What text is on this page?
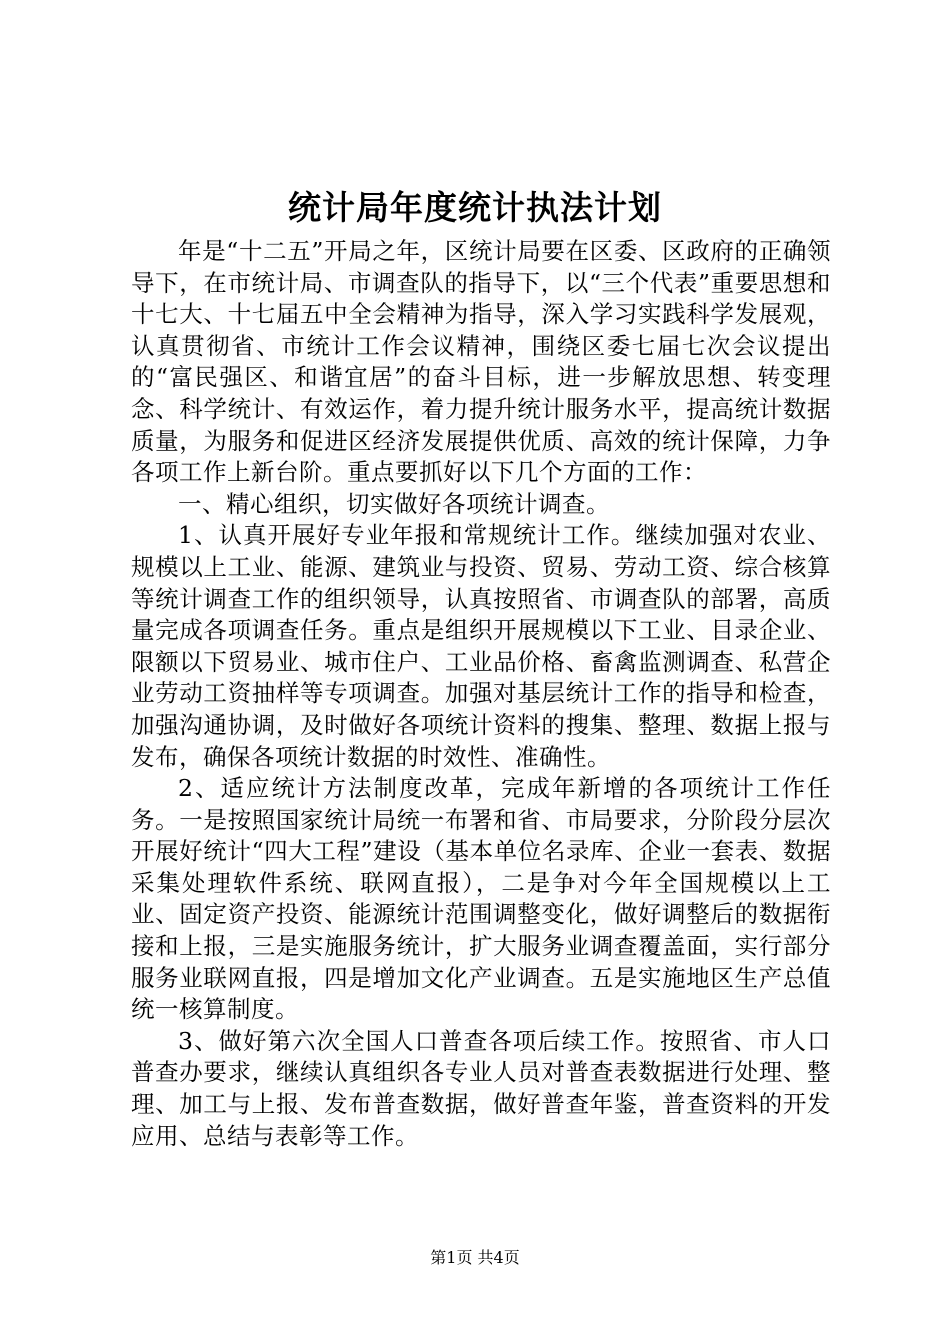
统计局年度统计执法计划

年是“十二五”开局之年，区统计局要在区委、区政府的正确领导下，在市统计局、市调查队的指导下，以“三个代表”重要思想和十七大、十七届五中全会精神为指导，深入学习实践科学发展观，认真贯彻省、市统计工作会议精神，围绕区委七届七次会议提出的“富民强区、和谐宜居”的奋斗目标，进一步解放思想、转变理念、科学统计、有效运作，着力提升统计服务水平，提高统计数据质量，为服务和促进区经济发展提供优质、高效的统计保障，力争各项工作上新台阶。重点要抓好以下几个方面的工作：

一、精心组织，切实做好各项统计调查。

1、认真开展好专业年报和常规统计工作。继续加强对农业、规模以上工业、能源、建筑业与投资、贸易、劳动工资、综合核算等统计调查工作的组织领导，认真按照省、市调查队的部署，高质量完成各项调查任务。重点是组织开展规模以下工业、目录企业、限额以下贸易业、城市住户、工业品价格、畜禽监测调查、私营企业劳动工资抽样等专项调查。加强对基层统计工作的指导和检查，加强沟通协调，及时做好各项统计资料的搜集、整理、数据上报与发布，确保各项统计数据的时效性、准确性。

2、适应统计方法制度改革，完成年新增的各项统计工作任务。一是按照国家统计局统一布署和省、市局要求，分阶段分层次开展好统计“四大工程”建设（基本单位名录库、企业一套表、数据采集处理软件系统、联网直报），二是争对今年全国规模以上工业、固定资产投资、能源统计范围调整变化，做好调整后的数据衔接和上报，三是实施服务统计，扩大服务业调查覆盖面，实行部分服务业联网直报，四是增加文化产业调查。五是实施地区生产总值统一核算制度。

3、做好第六次全国人口普查各项后续工作。按照省、市人口普查办要求，继续认真组织各专业人员对普查表数据进行处理、整理、加工与上报、发布普查数据，做好普查年鉴，普查资料的开发应用、总结与表彰等工作。

第1页 共4页
